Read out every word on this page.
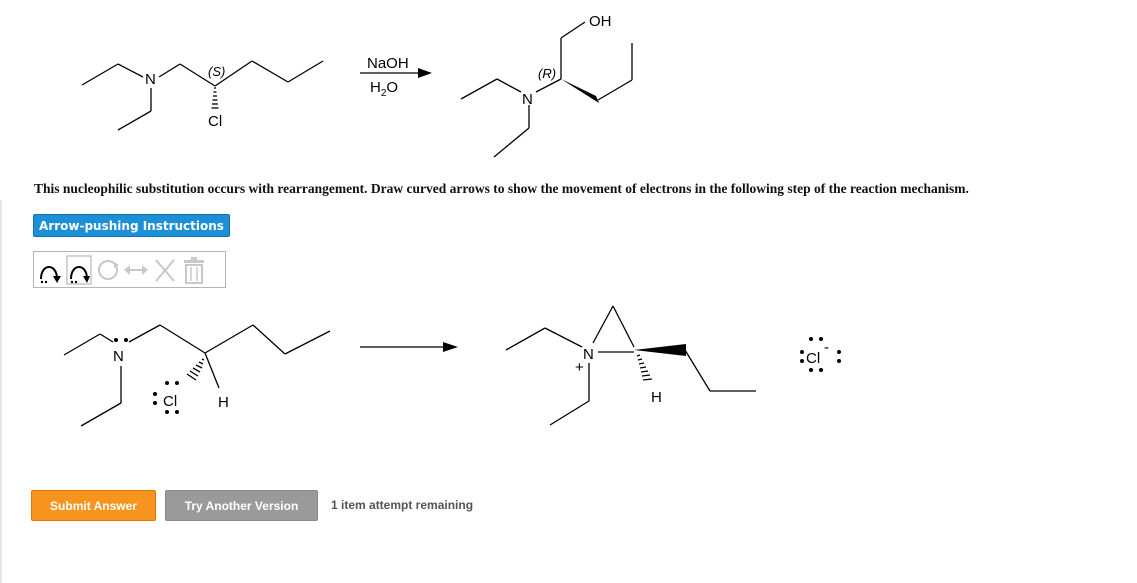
N	(S)
Cl
NaOH
$H_2O$
OH
(R)
N
N
Cl	H
N
+
H
Cl
-
This nucleophilic substitution occurs with rearrangement. Draw curved arrows to show the movement of electrons in the following step of the reaction mechanism.
Arrow-pushing Instructions
Submit Answer	Try Another Version	1 item attempt remaining
